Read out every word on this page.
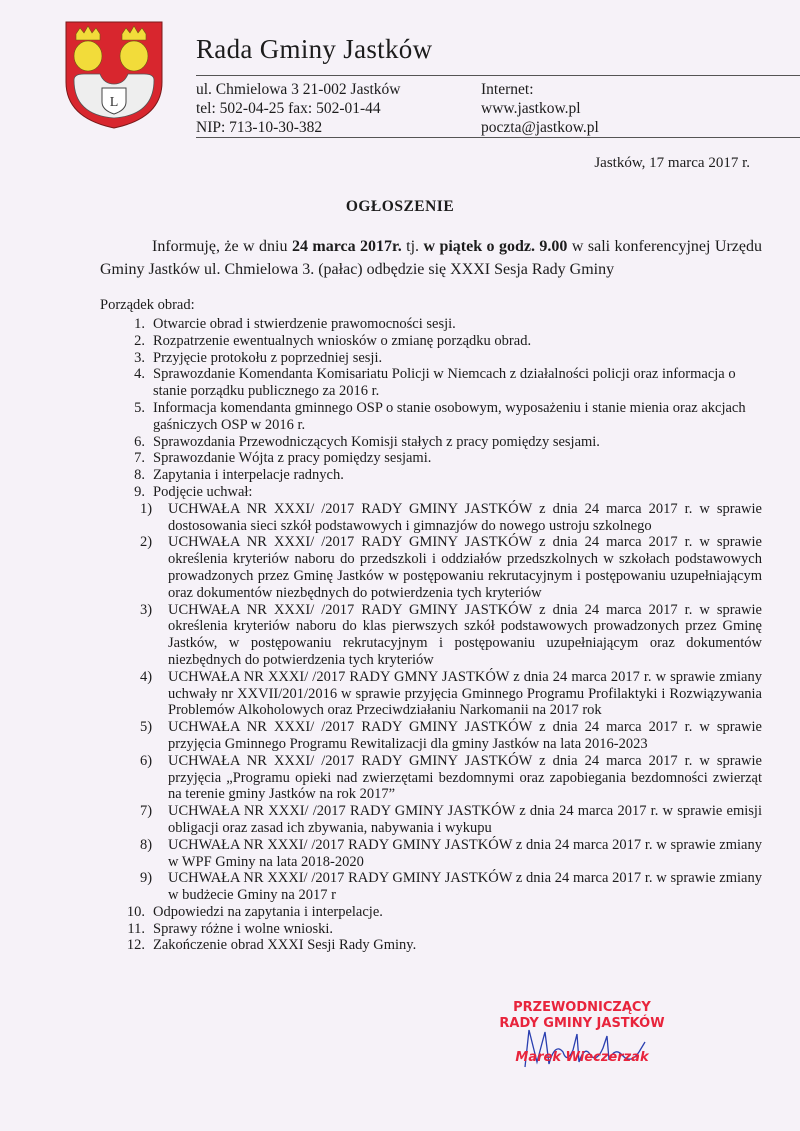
L
Rada Gminy Jastków
ul. Chmielowa 3 21-002 Jastków
tel: 502-04-25 fax: 502-01-44
NIP: 713-10-30-382
Internet:
www.jastkow.pl
poczta@jastkow.pl
Jastków, 17 marca 2017 r.
OGŁOSZENIE
Informuję, że w dniu 24 marca 2017r. tj. w piątek o godz. 9.00 w sali konferencyjnej Urzędu Gminy Jastków ul. Chmielowa 3. (pałac) odbędzie się XXXI Sesja Rady Gminy
Porządek obrad:
1. Otwarcie obrad i stwierdzenie prawomocności sesji.
2. Rozpatrzenie ewentualnych wniosków o zmianę porządku obrad.
3. Przyjęcie protokołu z poprzedniej sesji.
4. Sprawozdanie Komendanta Komisariatu Policji w Niemcach z działalności policji oraz informacja o stanie porządku publicznego za 2016 r.
5. Informacja komendanta gminnego OSP o stanie osobowym, wyposażeniu i stanie mienia oraz akcjach gaśniczych OSP w 2016 r.
6. Sprawozdania Przewodniczących Komisji stałych z pracy pomiędzy sesjami.
7. Sprawozdanie Wójta z pracy pomiędzy sesjami.
8. Zapytania i interpelacje radnych.
9. Podjęcie uchwał:
1)	UCHWAŁA NR XXXI/ /2017 RADY GMINY JASTKÓW z dnia 24 marca 2017 r. w sprawie dostosowania sieci szkół podstawowych i gimnazjów do nowego ustroju szkolnego
2)	UCHWAŁA NR XXXI/ /2017 RADY GMINY JASTKÓW z dnia 24 marca 2017 r. w sprawie określenia kryteriów naboru do przedszkoli i oddziałów przedszkolnych w szkołach podstawowych prowadzonych przez Gminę Jastków w postępowaniu rekrutacyjnym i postępowaniu uzupełniającym oraz dokumentów niezbędnych do potwierdzenia tych kryteriów
3)	UCHWAŁA NR XXXI/ /2017 RADY GMINY JASTKÓW z dnia 24 marca 2017 r. w sprawie określenia kryteriów naboru do klas pierwszych szkół podstawowych prowadzonych przez Gminę Jastków, w postępowaniu rekrutacyjnym i postępowaniu uzupełniającym oraz dokumentów niezbędnych do potwierdzenia tych kryteriów
4)	UCHWAŁA NR XXXI/ /2017 RADY GMNY JASTKÓW z dnia 24 marca 2017 r. w sprawie zmiany uchwały nr XXVII/201/2016 w sprawie przyjęcia Gminnego Programu Profilaktyki i Rozwiązywania Problemów Alkoholowych oraz Przeciwdziałaniu Narkomanii na 2017 rok
5)	UCHWAŁA NR XXXI/ /2017 RADY GMINY JASTKÓW z dnia 24 marca 2017 r. w sprawie przyjęcia Gminnego Programu Rewitalizacji dla gminy Jastków na lata 2016-2023
6)	UCHWAŁA NR XXXI/ /2017 RADY GMINY JASTKÓW z dnia 24 marca 2017 r. w sprawie przyjęcia „Programu opieki nad zwierzętami bezdomnymi oraz zapobiegania bezdomności zwierząt na terenie gminy Jastków na rok 2017”
7)	UCHWAŁA NR XXXI/ /2017 RADY GMINY JASTKÓW z dnia 24 marca 2017 r. w sprawie emisji obligacji oraz zasad ich zbywania, nabywania i wykupu
8)	UCHWAŁA NR XXXI/ /2017 RADY GMINY JASTKÓW z dnia 24 marca 2017 r. w sprawie zmiany w WPF Gminy na lata 2018-2020
9)	UCHWAŁA NR XXXI/ /2017 RADY GMINY JASTKÓW z dnia 24 marca 2017 r. w sprawie zmiany w budżecie Gminy na 2017 r
10. Odpowiedzi na zapytania i interpelacje.
11. Sprawy różne i wolne wnioski.
12. Zakończenie obrad XXXI Sesji Rady Gminy.
PRZEWODNICZĄCY
RADY GMINY JASTKÓW
Marek Wieczerzak
